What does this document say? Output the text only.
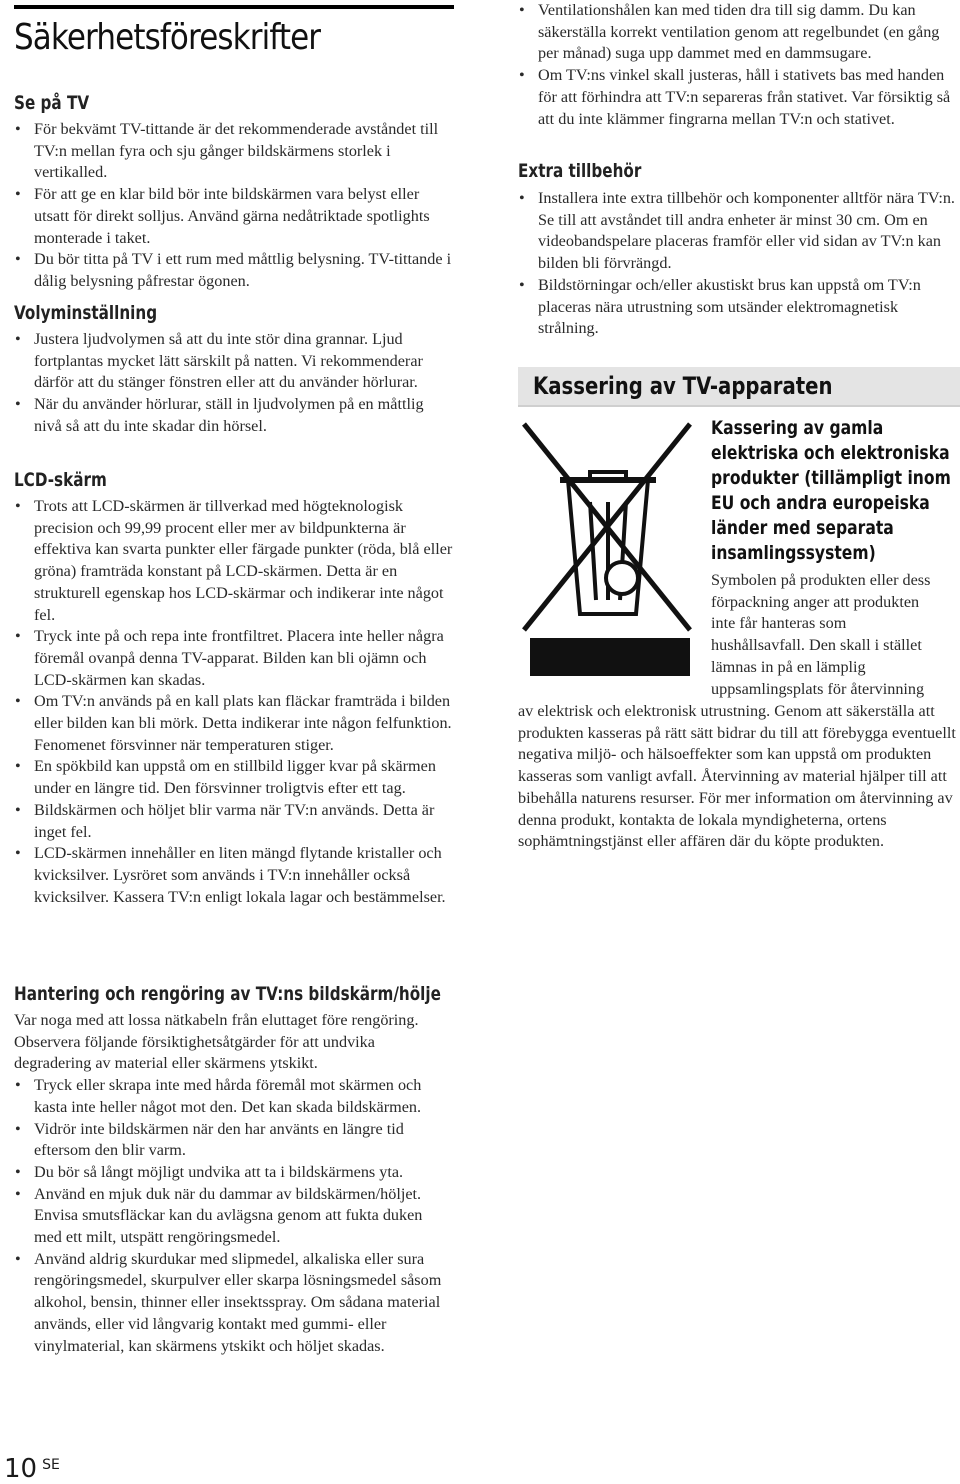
Säkerhetsföreskrifter
Se på TV
• För bekvämt TV-tittande är det rekommenderade avståndet till TV:n mellan fyra och sju gånger bildskärmens storlek i vertikalled.
• För att ge en klar bild bör inte bildskärmen vara belyst eller utsatt för direkt solljus. Använd gärna nedåtriktade spotlights monterade i taket.
• Du bör titta på TV i ett rum med måttlig belysning. TV-tittande i dålig belysning påfrestar ögonen.
Volyminställning
• Justera ljudvolymen så att du inte stör dina grannar. Ljud fortplantas mycket lätt särskilt på natten. Vi rekommenderar därför att du stänger fönstren eller att du använder hörlurar.
• När du använder hörlurar, ställ in ljudvolymen på en måttlig nivå så att du inte skadar din hörsel.
LCD-skärm
• Trots att LCD-skärmen är tillverkad med högteknologisk precision och 99,99 procent eller mer av bildpunkterna är effektiva kan svarta punkter eller färgade punkter (röda, blå eller gröna) framträda konstant på LCD-skärmen. Detta är en strukturell egenskap hos LCD-skärmar och indikerar inte något fel.
• Tryck inte på och repa inte frontfiltret. Placera inte heller några föremål ovanpå denna TV-apparat. Bilden kan bli ojämn och LCD-skärmen kan skadas.
• Om TV:n används på en kall plats kan fläckar framträda i bilden eller bilden kan bli mörk. Detta indikerar inte någon felfunktion. Fenomenet försvinner när temperaturen stiger.
• En spökbild kan uppstå om en stillbild ligger kvar på skärmen under en längre tid. Den försvinner troligtvis efter ett tag.
• Bildskärmen och höljet blir varma när TV:n används. Detta är inget fel.
• LCD-skärmen innehåller en liten mängd flytande kristaller och kvicksilver. Lysröret som används i TV:n innehåller också kvicksilver. Kassera TV:n enligt lokala lagar och bestämmelser.
Hantering och rengöring av TV:ns bildskärm/hölje

Var noga med att lossa nätkabeln från eluttaget före rengöring.

Observera följande försiktighetsåtgärder för att undvika degradering av material eller skärmens ytskikt.

• Tryck eller skrapa inte med hårda föremål mot skärmen och kasta inte heller något mot den. Det kan skada bildskärmen.
• Vidrör inte bildskärmen när den har använts en längre tid eftersom den blir varm.
• Du bör så långt möjligt undvika att ta i bildskärmens yta.
• Använd en mjuk duk när du dammar av bildskärmen/höljet. Envisa smutsfläckar kan du avlägsna genom att fukta duken med ett milt, utspätt rengöringsmedel.
• Använd aldrig skurdukar med slipmedel, alkaliska eller sura rengöringsmedel, skurpulver eller skarpa lösningsmedel såsom alkohol, bensin, thinner eller insektsspray. Om sådana material används, eller vid långvarig kontakt med gummi- eller vinylmaterial, kan skärmens ytskikt och höljet skadas.
• Ventilationshålen kan med tiden dra till sig damm. Du kan säkerställa korrekt ventilation genom att regelbundet (en gång per månad) suga upp dammet med en dammsugare.
• Om TV:ns vinkel skall justeras, håll i stativets bas med handen för att förhindra att TV:n separeras från stativet. Var försiktig så att du inte klämmer fingrarna mellan TV:n och stativet.
Extra tillbehör
• Installera inte extra tillbehör och komponenter alltför nära TV:n. Se till att avståndet till andra enheter är minst 30 cm. Om en videobandspelare placeras framför eller vid sidan av TV:n kan bilden bli förvrängd.
• Bildstörningar och/eller akustiskt brus kan uppstå om TV:n placeras nära utrustning som utsänder elektromagnetisk strålning.
Kassering av TV-apparaten
Kassering av gamla elektriska och elektroniska produkter (tillämpligt inom EU och andra europeiska länder med separata insamlingssystem)
Symbolen på produkten eller dess
förpackning anger att produkten
inte får hanteras som
hushållsavfall. Den skall i stället
lämnas in på en lämplig
uppsamlingsplats för återvinning

av elektrisk och elektronisk utrustning. Genom att säkerställa att produkten kasseras på rätt sätt bidrar du till att förebygga eventuellt negativa miljö- och hälsoeffekter som kan uppstå om produkten kasseras som vanligt avfall. Återvinning av material hjälper till att bibehålla naturens resurser. För mer information om återvinning av denna produkt, kontakta de lokala myndigheterna, ortens sophämtningstjänst eller affären där du köpte produkten.

10 SE
